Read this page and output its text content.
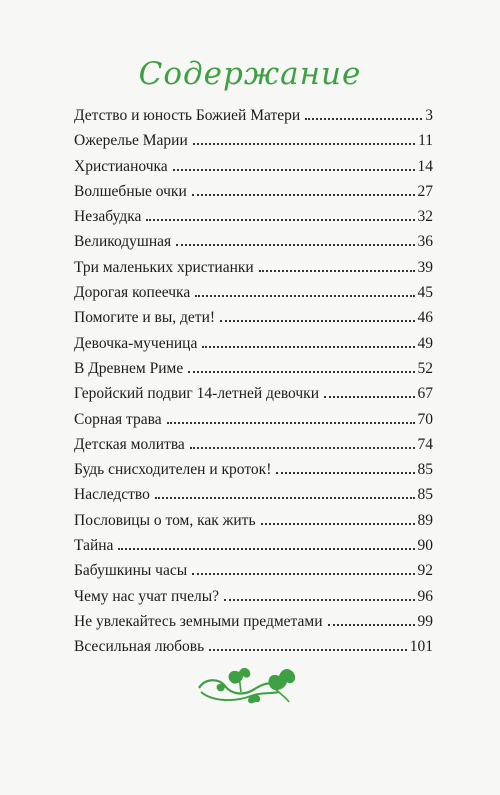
Содержание
Детство и юность Божией Матери	3
Ожерелье Марии	11
Христианочка	14
Волшебные очки	27
Незабудка	32
Великодушная	36
Три маленьких христианки	39
Дорогая копеечка	45
Помогите и вы, дети!	46
Девочка-мученица	49
В Древнем Риме	52
Геройский подвиг 14-летней девочки	67
Сорная трава	70
Детская молитва	74
Будь снисходителен и кроток!	85
Наследство	85
Пословицы о том, как жить	89
Тайна	90
Бабушкины часы	92
Чему нас учат пчелы?	96
Не увлекайтесь земными предметами	99
Всесильная любовь	101
